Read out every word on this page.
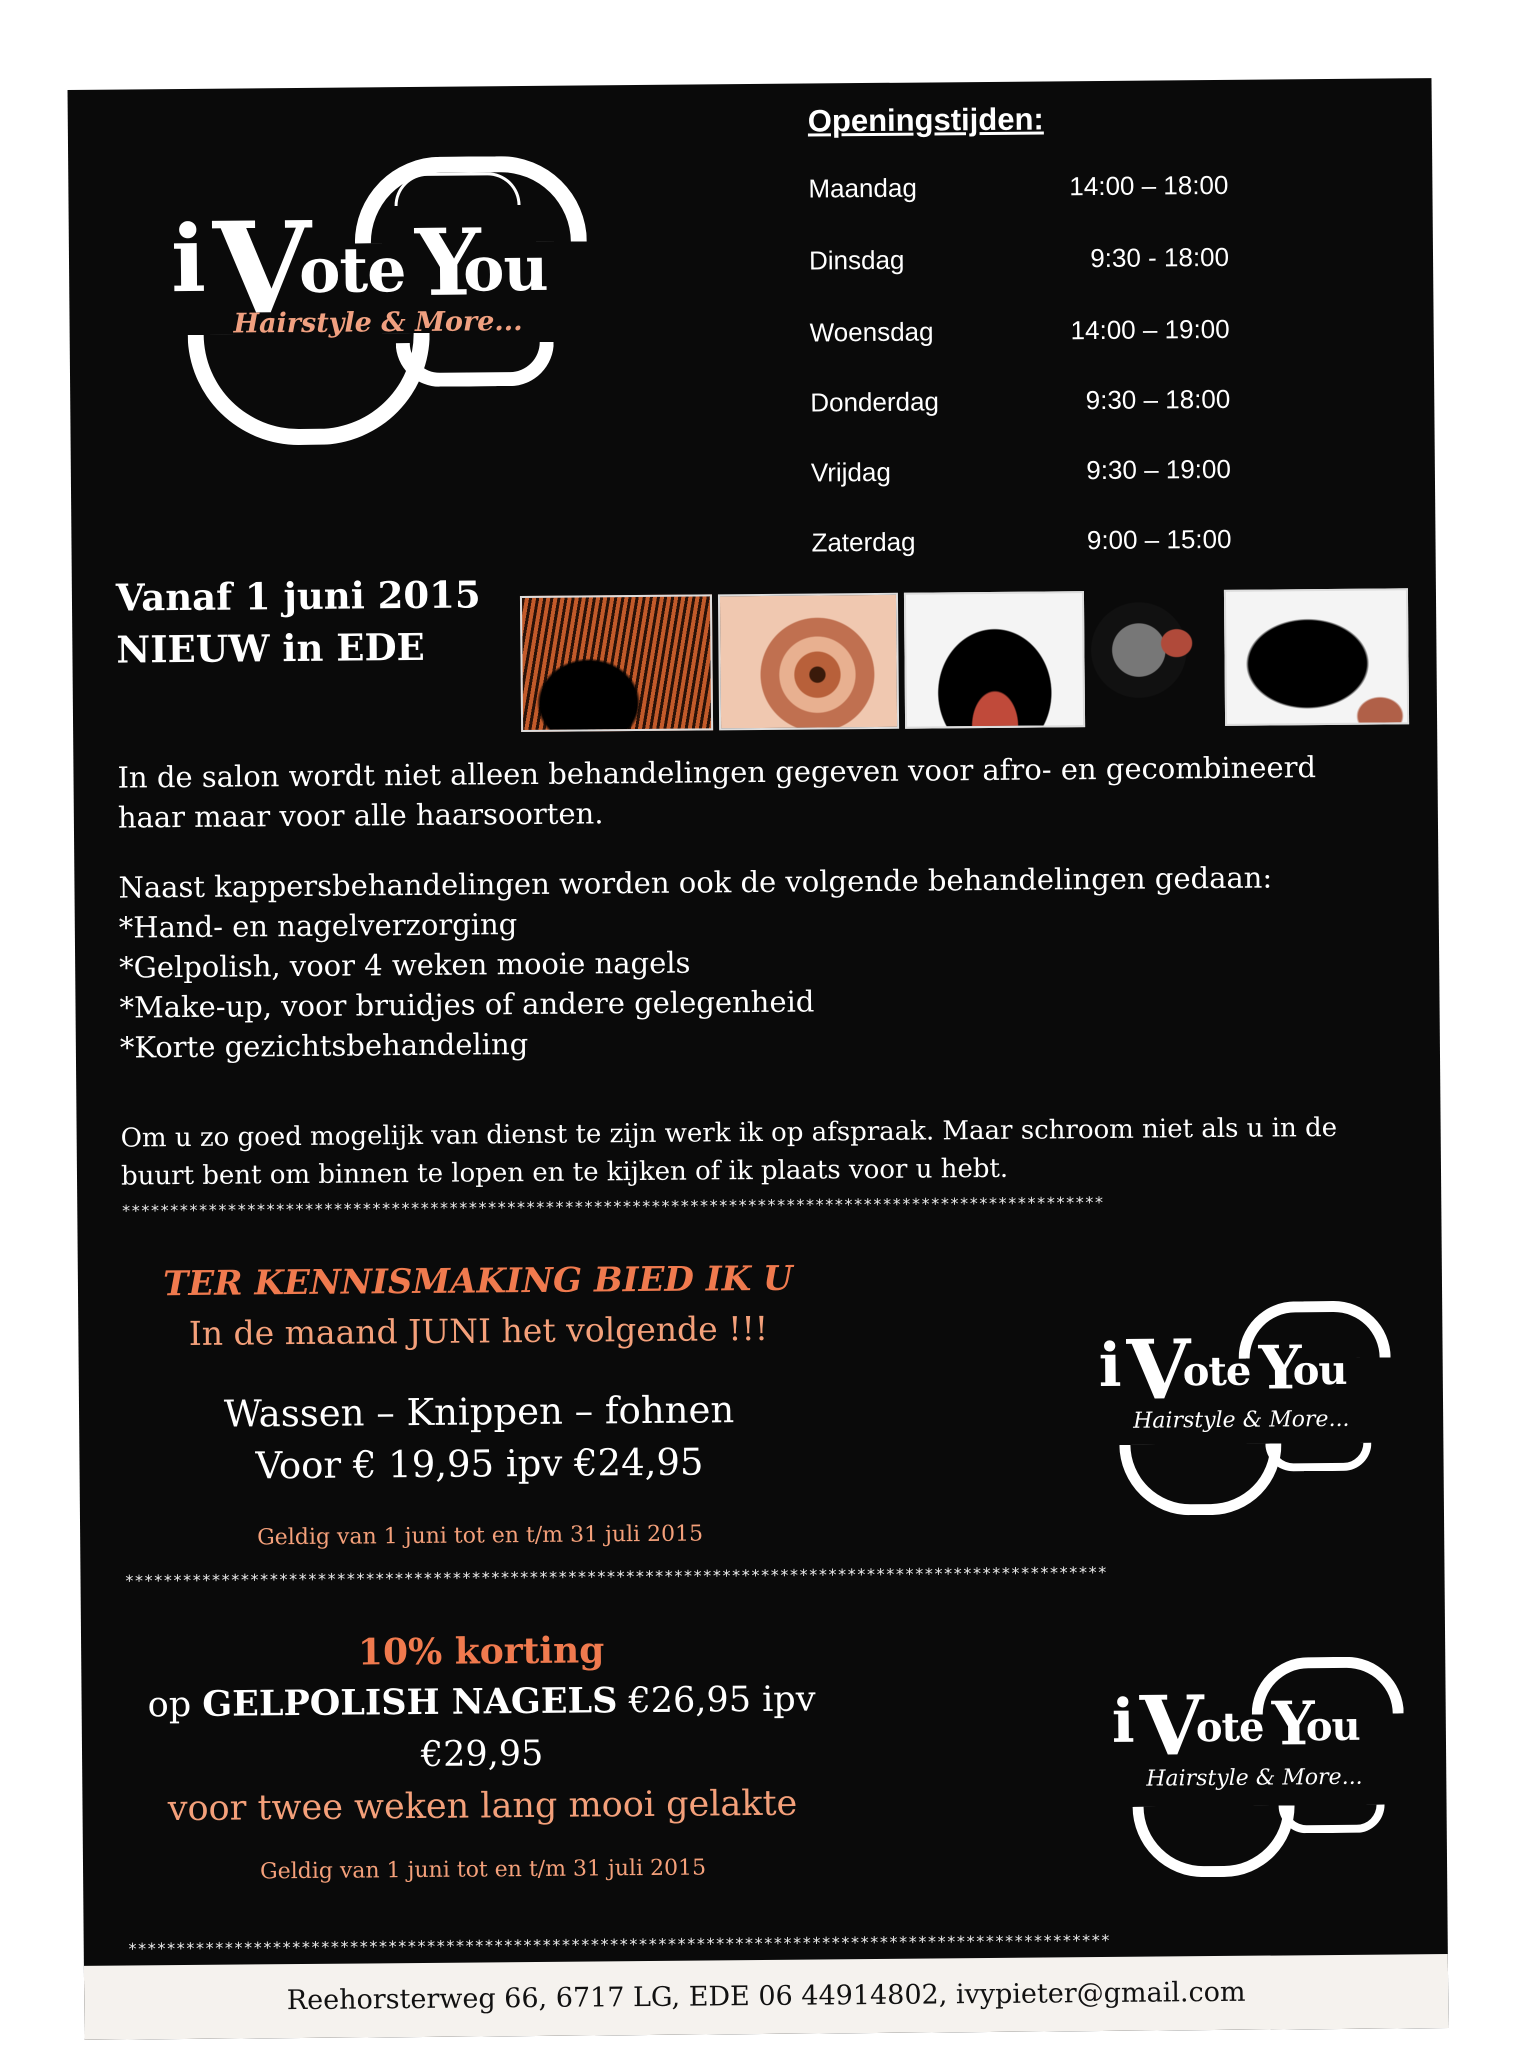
i V
ote Y
ou
Hairstyle & More...
Openingstijden:
Maandag	14:00 – 18:00
Dinsdag	9:30 - 18:00
Woensdag	14:00 – 19:00
Donderdag	9:30 – 18:00
Vrijdag	9:30 – 19:00
Zaterdag	9:00 – 15:00
Vanaf 1 juni 2015
NIEUW in EDE
In de salon wordt niet alleen behandelingen gegeven voor afro- en gecombineerd haar maar voor alle haarsoorten.
Naast kappersbehandelingen worden ook de volgende behandelingen gedaan:
*Hand- en nagelverzorging
*Gelpolish, voor 4 weken mooie nagels
*Make-up, voor bruidjes of andere gelegenheid
*Korte gezichtsbehandeling
Om u zo goed mogelijk van dienst te zijn werk ik op afspraak. Maar schroom niet als u in de buurt bent om binnen te lopen en te kijken of ik plaats voor u hebt.
******************************************************************************************************
TER KENNISMAKING BIED IK U
In de maand JUNI het volgende !!!
Wassen – Knippen – fohnen
Voor € 19,95 ipv €24,95
Geldig van 1 juni tot en t/m 31 juli 2015
i V
ote Y
ou
Hairstyle & More...
******************************************************************************************************
10% korting
op GELPOLISH NAGELS €26,95 ipv
€29,95
voor twee weken lang mooi gelakte
Geldig van 1 juni tot en t/m 31 juli 2015
i V
ote Y
ou
Hairstyle & More...
******************************************************************************************************
Reehorsterweg 66, 6717 LG, EDE 06 44914802, ivypieter@gmail.com
